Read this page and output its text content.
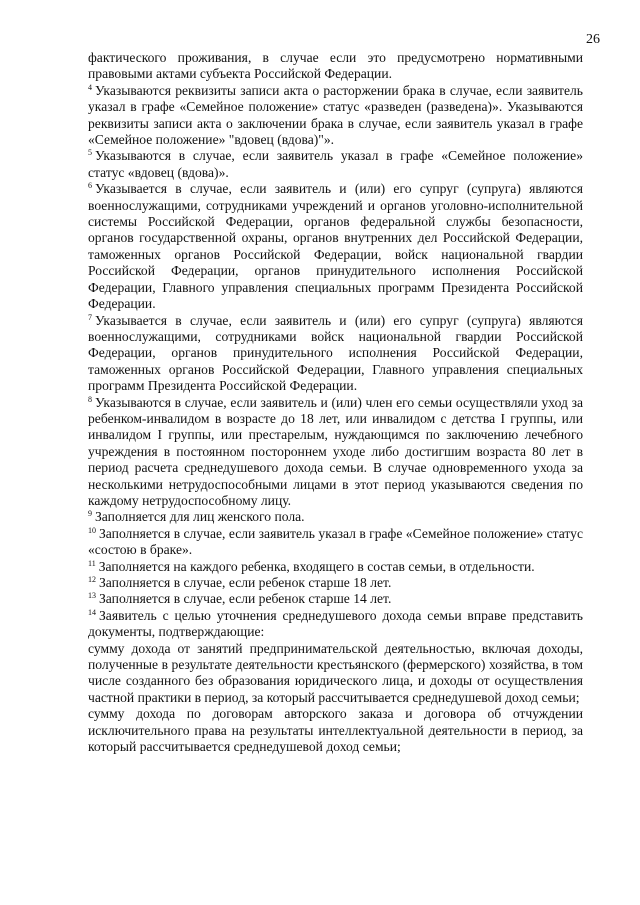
26

фактического проживания, в случае если это предусмотрено нормативными правовыми актами субъекта Российской Федерации.

$^4$ Указываются реквизиты записи акта о расторжении брака в случае, если заявитель указал в графе «Семейное положение» статус «разведен (разведена)». Указываются реквизиты записи акта о заключении брака в случае, если заявитель указал в графе «Семейное положение» "вдовец (вдова)"».

$^5$ Указываются в случае, если заявитель указал в графе «Семейное положение» статус «вдовец (вдова)».

$^6$ Указывается в случае, если заявитель и (или) его супруг (супруга) являются военнослужащими, сотрудниками учреждений и органов уголовно-исполнительной системы Российской Федерации, органов федеральной службы безопасности, органов государственной охраны, органов внутренних дел Российской Федерации, таможенных органов Российской Федерации, войск национальной гвардии Российской Федерации, органов принудительного исполнения Российской Федерации, Главного управления специальных программ Президента Российской Федерации.

$^7$ Указывается в случае, если заявитель и (или) его супруг (супруга) являются военнослужащими, сотрудниками войск национальной гвардии Российской Федерации, органов принудительного исполнения Российской Федерации, таможенных органов Российской Федерации, Главного управления специальных программ Президента Российской Федерации.

$^8$ Указываются в случае, если заявитель и (или) член его семьи осуществляли уход за ребенком-инвалидом в возрасте до 18 лет, или инвалидом с детства I группы, или инвалидом I группы, или престарелым, нуждающимся по заключению лечебного учреждения в постоянном постороннем уходе либо достигшим возраста 80 лет в период расчета среднедушевого дохода семьи. В случае одновременного ухода за несколькими нетрудоспособными лицами в этот период указываются сведения по каждому нетрудоспособному лицу.

$^9$ Заполняется для лиц женского пола.

$^{10}$ Заполняется в случае, если заявитель указал в графе «Семейное положение» статус «состою в браке».

$^{11}$ Заполняется на каждого ребенка, входящего в состав семьи, в отдельности.

$^{12}$ Заполняется в случае, если ребенок старше 18 лет.

$^{13}$ Заполняется в случае, если ребенок старше 14 лет.

$^{14}$ Заявитель с целью уточнения среднедушевого дохода семьи вправе представить документы, подтверждающие:

сумму дохода от занятий предпринимательской деятельностью, включая доходы, полученные в результате деятельности крестьянского (фермерского) хозяйства, в том числе созданного без образования юридического лица, и доходы от осуществления частной практики в период, за который рассчитывается среднедушевой доход семьи;

сумму дохода по договорам авторского заказа и договора об отчуждении исключительного права на результаты интеллектуальной деятельности в период, за который рассчитывается среднедушевой доход семьи;
